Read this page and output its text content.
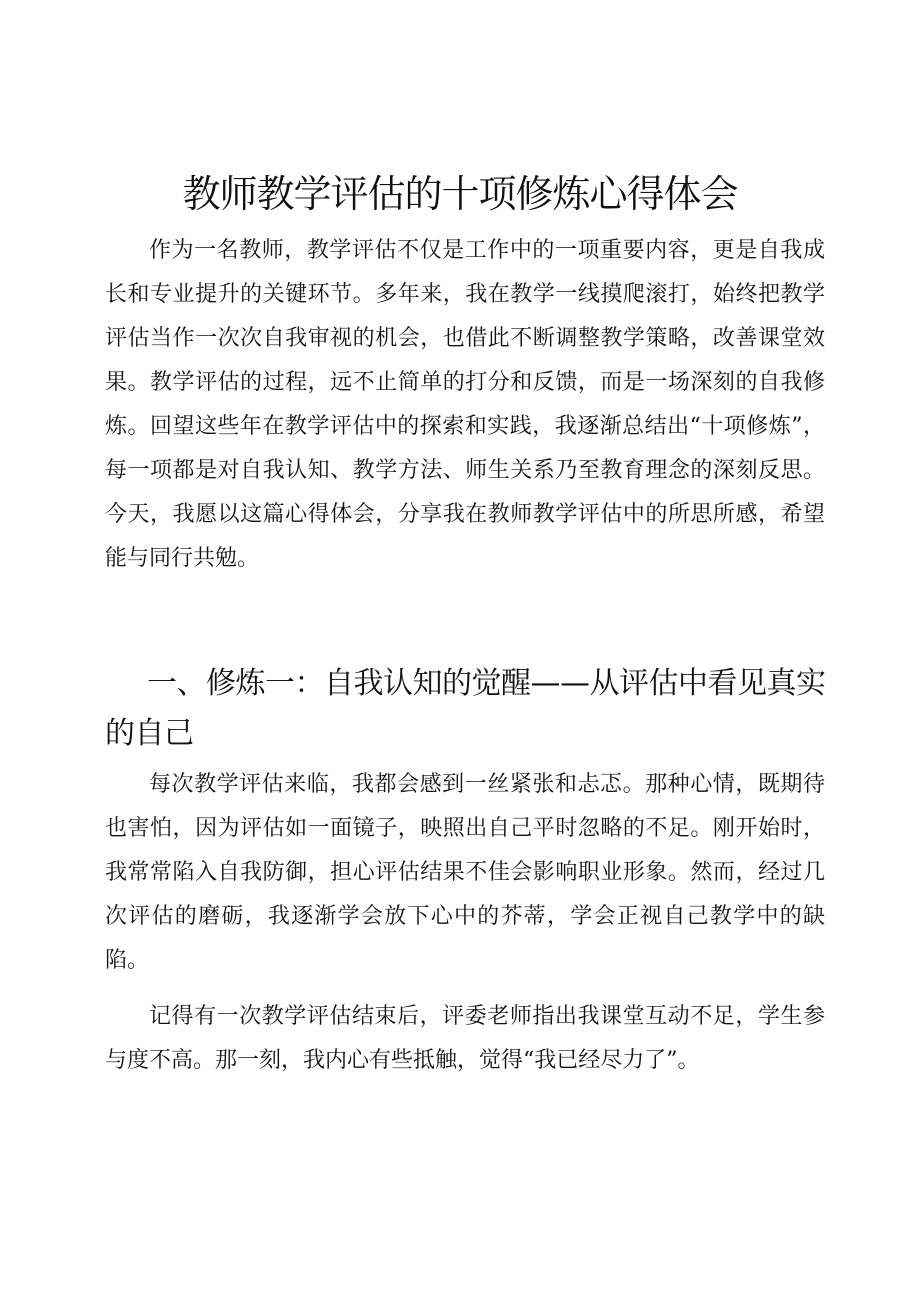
教师教学评估的十项修炼心得体会

作为一名教师，教学评估不仅是工作中的一项重要内容，更是自我成长和专业提升的关键环节。多年来，我在教学一线摸爬滚打，始终把教学评估当作一次次自我审视的机会，也借此不断调整教学策略，改善课堂效果。教学评估的过程，远不止简单的打分和反馈，而是一场深刻的自我修炼。回望这些年在教学评估中的探索和实践，我逐渐总结出“十项修炼”，每一项都是对自我认知、教学方法、师生关系乃至教育理念的深刻反思。今天，我愿以这篇心得体会，分享我在教师教学评估中的所思所感，希望能与同行共勉。

一、修炼一：自我认知的觉醒——从评估中看见真实的自己

每次教学评估来临，我都会感到一丝紧张和忐忑。那种心情，既期待也害怕，因为评估如一面镜子，映照出自己平时忽略的不足。刚开始时，我常常陷入自我防御，担心评估结果不佳会影响职业形象。然而，经过几次评估的磨砺，我逐渐学会放下心中的芥蒂，学会正视自己教学中的缺陷。

记得有一次教学评估结束后，评委老师指出我课堂互动不足，学生参与度不高。那一刻，我内心有些抵触，觉得“我已经尽力了”。
